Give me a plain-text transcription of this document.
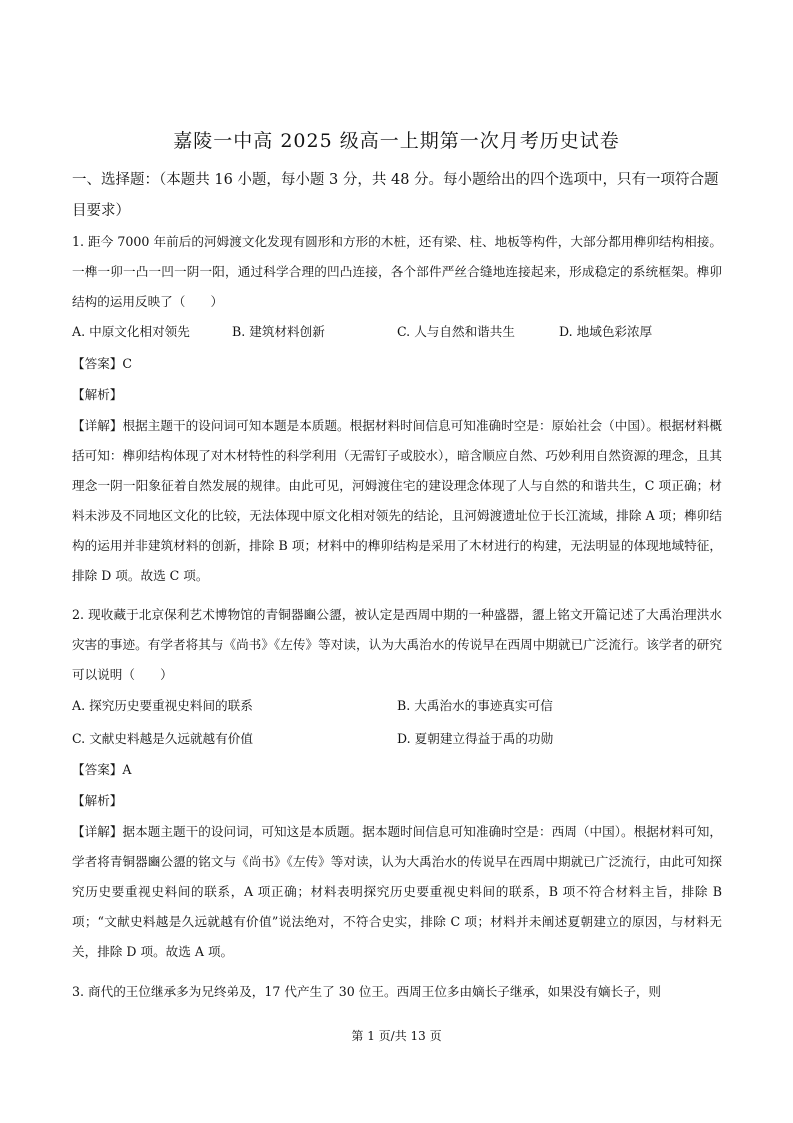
嘉陵一中高 2025 级高一上期第一次月考历史试卷
一、选择题：（本题共 16 小题，每小题 3 分，共 48 分。每小题给出的四个选项中，只有一项符合题目要求）
1. 距今 7000 年前后的河姆渡文化发现有圆形和方形的木桩，还有梁、柱、地板等构件，大部分都用榫卯结构相接。一榫一卯一凸一凹一阴一阳，通过科学合理的凹凸连接，各个部件严丝合缝地连接起来，形成稳定的系统框架。榫卯结构的运用反映了（　　）
A. 中原文化相对领先	B. 建筑材料创新	C. 人与自然和谐共生	D. 地域色彩浓厚
【答案】C
【解析】
【详解】根据主题干的设问词可知本题是本质题。根据材料时间信息可知准确时空是：原始社会（中国）。根据材料概括可知：榫卯结构体现了对木材特性的科学利用（无需钉子或胶水），暗含顺应自然、巧妙利用自然资源的理念，且其理念一阴一阳象征着自然发展的规律。由此可见，河姆渡住宅的建设理念体现了人与自然的和谐共生，C 项正确；材料未涉及不同地区文化的比较，无法体现中原文化相对领先的结论，且河姆渡遗址位于长江流域，排除 A 项；榫卯结构的运用并非建筑材料的创新，排除 B 项；材料中的榫卯结构是采用了木材进行的构建，无法明显的体现地域特征，排除 D 项。故选 C 项。
2. 现收藏于北京保利艺术博物馆的青铜器豳公盨，被认定是西周中期的一种盛器，盨上铭文开篇记述了大禹治理洪水灾害的事迹。有学者将其与《尚书》《左传》等对读，认为大禹治水的传说早在西周中期就已广泛流行。该学者的研究可以说明（　　）
A. 探究历史要重视史料间的联系	B. 大禹治水的事迹真实可信
C. 文献史料越是久远就越有价值	D. 夏朝建立得益于禹的功勋
【答案】A
【解析】
【详解】据本题主题干的设问词，可知这是本质题。据本题时间信息可知准确时空是：西周（中国）。根据材料可知，学者将青铜器豳公盨的铭文与《尚书》《左传》等对读，认为大禹治水的传说早在西周中期就已广泛流行，由此可知探究历史要重视史料间的联系，A 项正确；材料表明探究历史要重视史料间的联系，B 项不符合材料主旨，排除 B 项；“文献史料越是久远就越有价值”说法绝对，不符合史实，排除 C 项；材料并未阐述夏朝建立的原因，与材料无关，排除 D 项。故选 A 项。
3. 商代的王位继承多为兄终弟及，17 代产生了 30 位王。西周王位多由嫡长子继承，如果没有嫡长子，则
第 1 页/共 13 页
